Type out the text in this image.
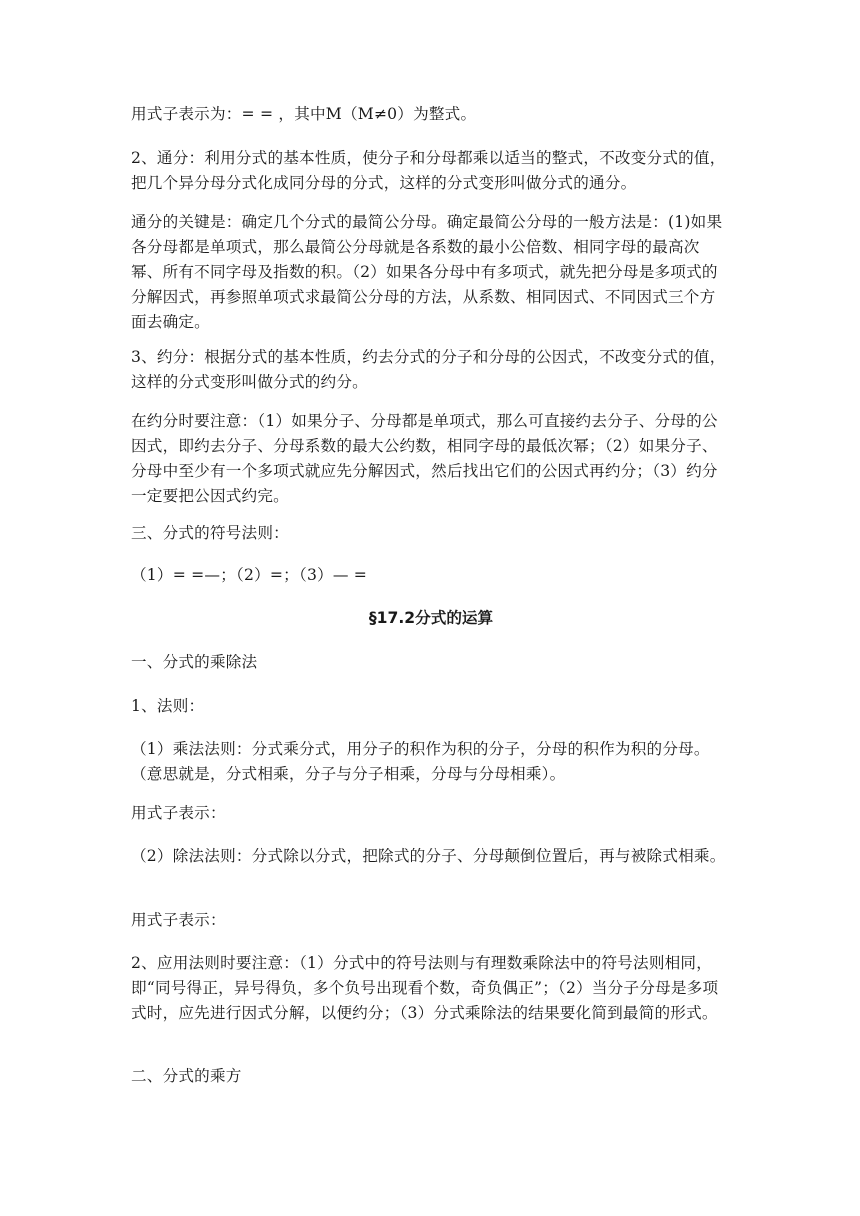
用式子表示为：= = ，其中M（M≠0）为整式。

2、通分：利用分式的基本性质，使分子和分母都乘以适当的整式，不改变分式的值，把几个异分母分式化成同分母的分式，这样的分式变形叫做分式的通分。

通分的关键是：确定几个分式的最简公分母。确定最简公分母的一般方法是：(1)如果各分母都是单项式，那么最简公分母就是各系数的最小公倍数、相同字母的最高次幂、所有不同字母及指数的积。（2）如果各分母中有多项式，就先把分母是多项式的分解因式，再参照单项式求最简公分母的方法，从系数、相同因式、不同因式三个方面去确定。

3、约分：根据分式的基本性质，约去分式的分子和分母的公因式，不改变分式的值，这样的分式变形叫做分式的约分。

在约分时要注意：（1）如果分子、分母都是单项式，那么可直接约去分子、分母的公因式，即约去分子、分母系数的最大公约数，相同字母的最低次幂；（2）如果分子、分母中至少有一个多项式就应先分解因式，然后找出它们的公因式再约分；（3）约分一定要把公因式约完。

三、分式的符号法则：

（1）= =—；（2）=；（3）— =

§17.2分式的运算

一、分式的乘除法

1、法则：

（1）乘法法则：分式乘分式，用分子的积作为积的分子，分母的积作为积的分母。（意思就是，分式相乘，分子与分子相乘，分母与分母相乘）。

用式子表示：

（2）除法法则：分式除以分式，把除式的分子、分母颠倒位置后，再与被除式相乘。

用式子表示：

2、应用法则时要注意：（1）分式中的符号法则与有理数乘除法中的符号法则相同，即“同号得正，异号得负，多个负号出现看个数，奇负偶正”；（2）当分子分母是多项式时，应先进行因式分解，以便约分；（3）分式乘除法的结果要化简到最简的形式。

二、分式的乘方
